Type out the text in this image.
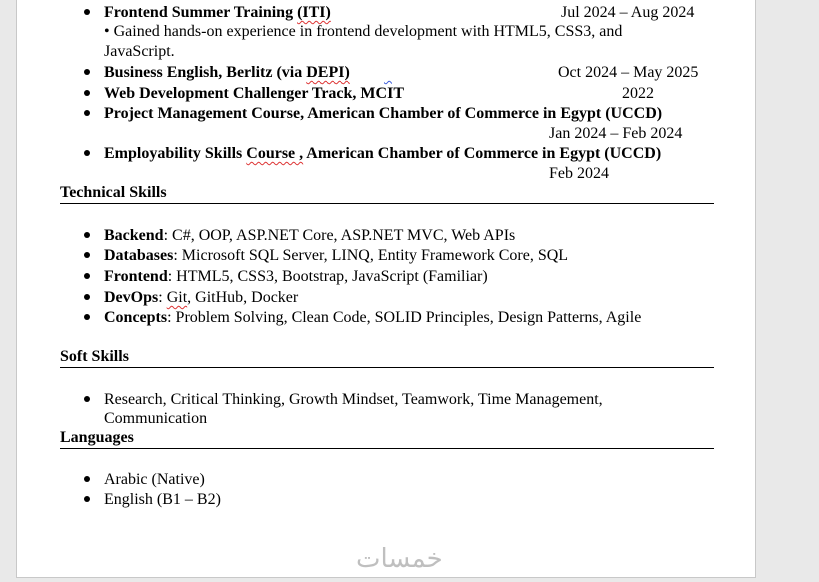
Frontend Summer Training (ITI)	Jul 2024 – Aug 2024
• Gained hands-on experience in frontend development with HTML5, CSS3, and
JavaScript.
Business English, Berlitz (via DEPI)
	Oct 2024 – May 2025
Web Development Challenger Track, MCIT	2022
Project Management Course, American Chamber of Commerce in Egypt (UCCD)
Jan 2024 – Feb 2024
Employability Skills Course , American Chamber of Commerce in Egypt (UCCD)
Feb 2024
Technical Skills
Backend: C#, OOP, ASP.NET Core, ASP.NET MVC, Web APIs
Databases: Microsoft SQL Server, LINQ, Entity Framework Core, SQL
Frontend: HTML5, CSS3, Bootstrap, JavaScript (Familiar)
DevOps: Git, GitHub, Docker
Concepts: Problem Solving, Clean Code, SOLID Principles, Design Patterns, Agile
Soft Skills
Research, Critical Thinking, Growth Mindset, Teamwork, Time Management,
Communication
Languages
Arabic (Native)
English (B1 – B2)
خمسات
